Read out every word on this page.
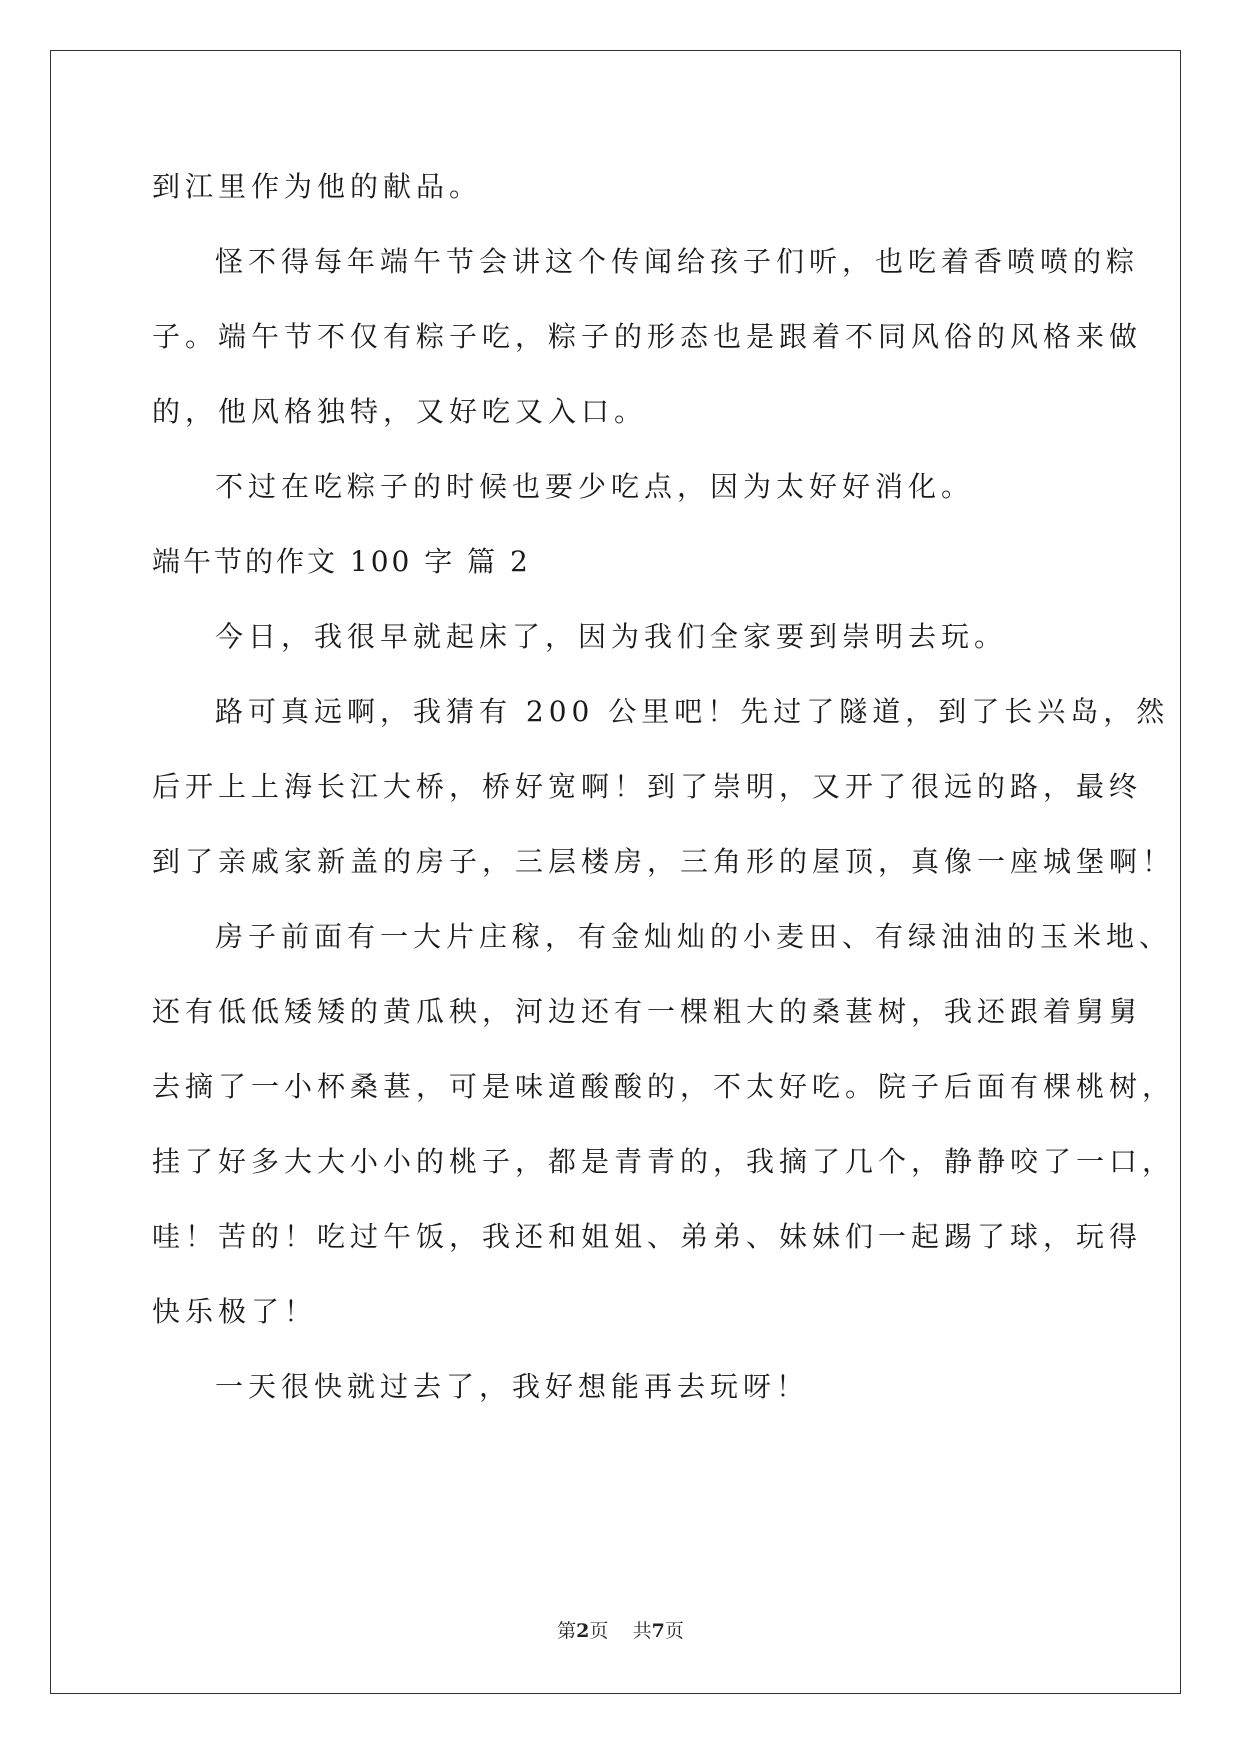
到江里作为他的献品。
怪不得每年端午节会讲这个传闻给孩子们听，也吃着香喷喷的粽
子。端午节不仅有粽子吃，粽子的形态也是跟着不同风俗的风格来做
的，他风格独特，又好吃又入口。
不过在吃粽子的时候也要少吃点，因为太好好消化。
端午节的作文 100 字 篇 2
今日，我很早就起床了，因为我们全家要到崇明去玩。
路可真远啊，我猜有 200 公里吧！先过了隧道，到了长兴岛，然
后开上上海长江大桥，桥好宽啊！到了崇明，又开了很远的路，最终
到了亲戚家新盖的房子，三层楼房，三角形的屋顶，真像一座城堡啊！
房子前面有一大片庄稼，有金灿灿的小麦田、有绿油油的玉米地、
还有低低矮矮的黄瓜秧，河边还有一棵粗大的桑葚树，我还跟着舅舅
去摘了一小杯桑葚，可是味道酸酸的，不太好吃。院子后面有棵桃树，
挂了好多大大小小的桃子，都是青青的，我摘了几个，静静咬了一口，
哇！苦的！吃过午饭，我还和姐姐、弟弟、妹妹们一起踢了球，玩得
快乐极了！
一天很快就过去了，我好想能再去玩呀！
第2页 共7页
